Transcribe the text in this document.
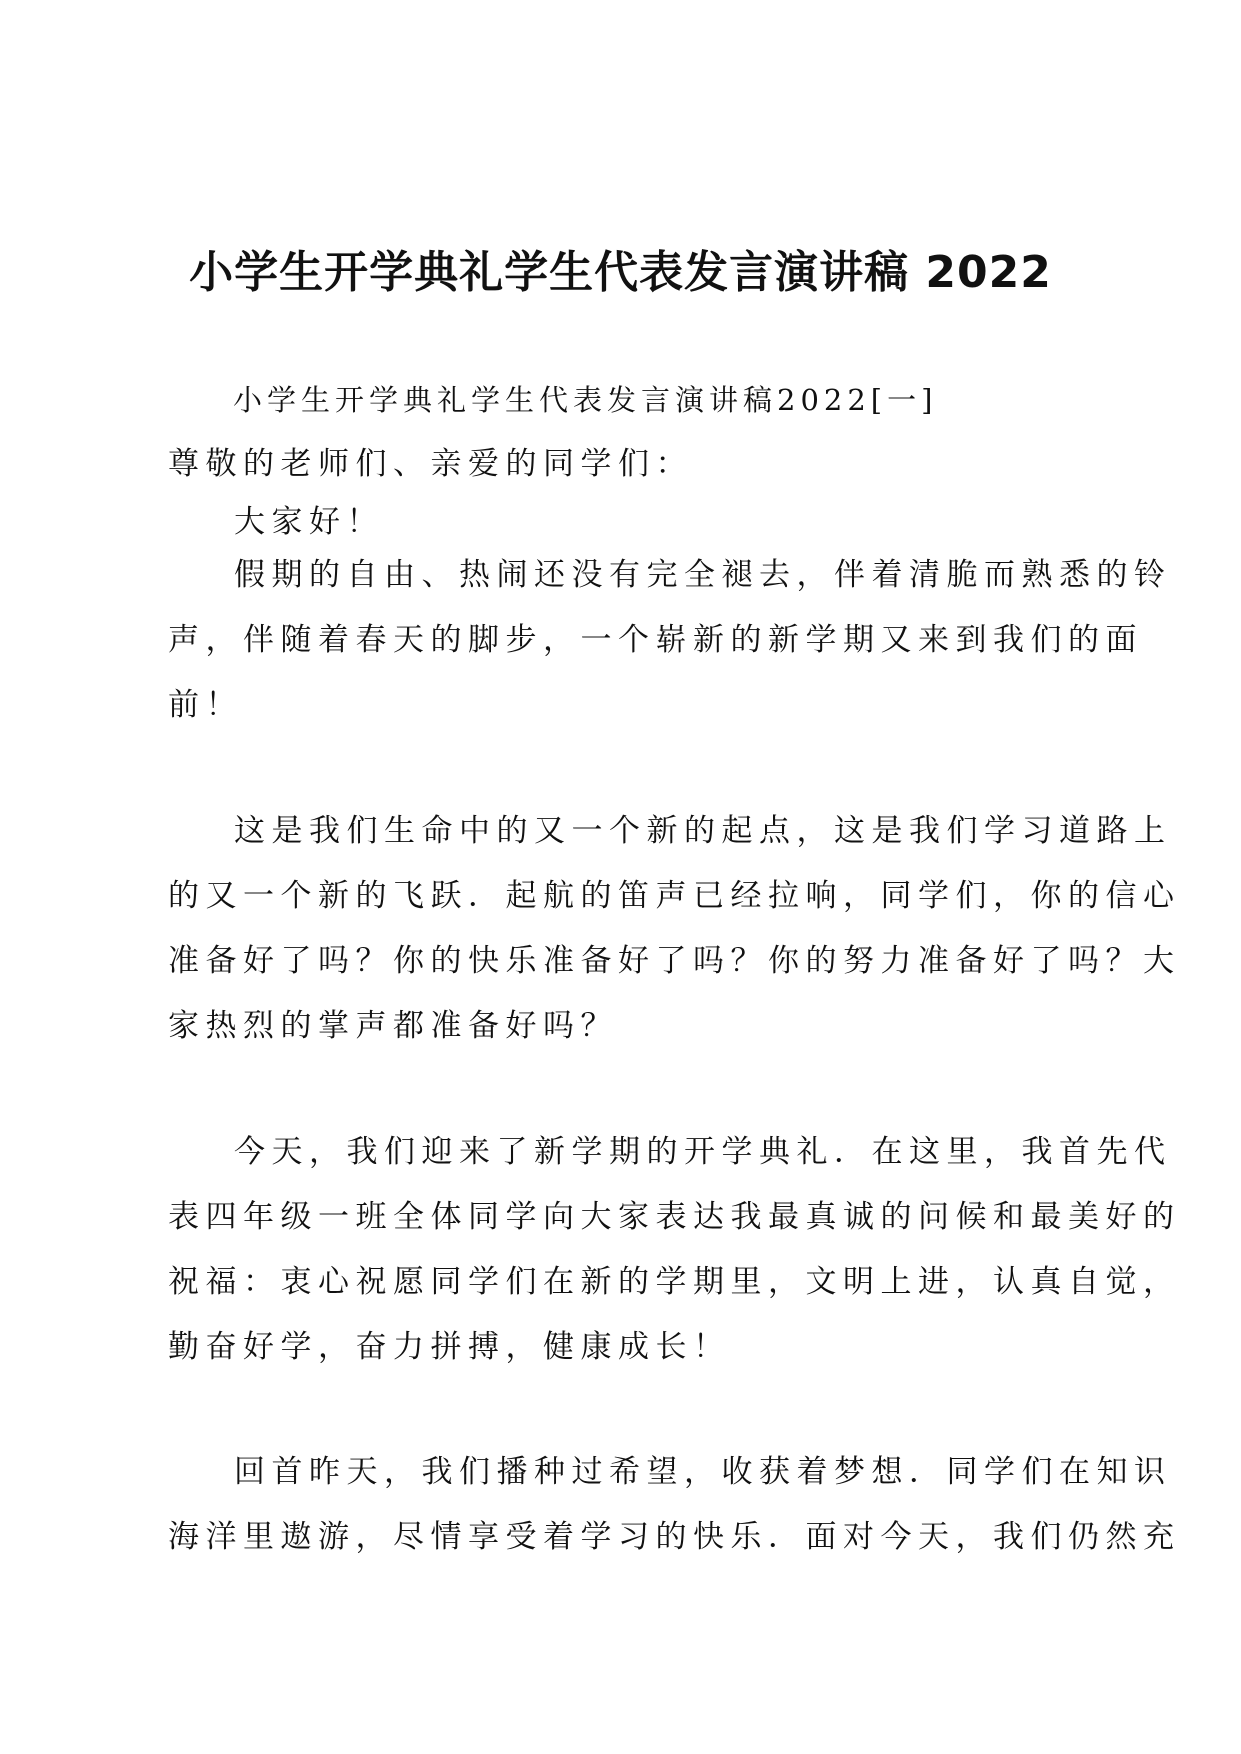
小学生开学典礼学生代表发言演讲稿 2022

小学生开学典礼学生代表发言演讲稿2022[一]

尊敬的老师们、亲爱的同学们：
大家好！
假期的自由、热闹还没有完全褪去，伴着清脆而熟悉的铃
声，伴随着春天的脚步，一个崭新的新学期又来到我们的面
前！
这是我们生命中的又一个新的起点，这是我们学习道路上
的又一个新的飞跃．起航的笛声已经拉响，同学们，你的信心
准备好了吗？你的快乐准备好了吗？你的努力准备好了吗？大
家热烈的掌声都准备好吗？
今天，我们迎来了新学期的开学典礼．在这里，我首先代
表四年级一班全体同学向大家表达我最真诚的问候和最美好的
祝福：衷心祝愿同学们在新的学期里，文明上进，认真自觉，
勤奋好学，奋力拼搏，健康成长！
回首昨天，我们播种过希望，收获着梦想．同学们在知识
海洋里遨游，尽情享受着学习的快乐．面对今天，我们仍然充
